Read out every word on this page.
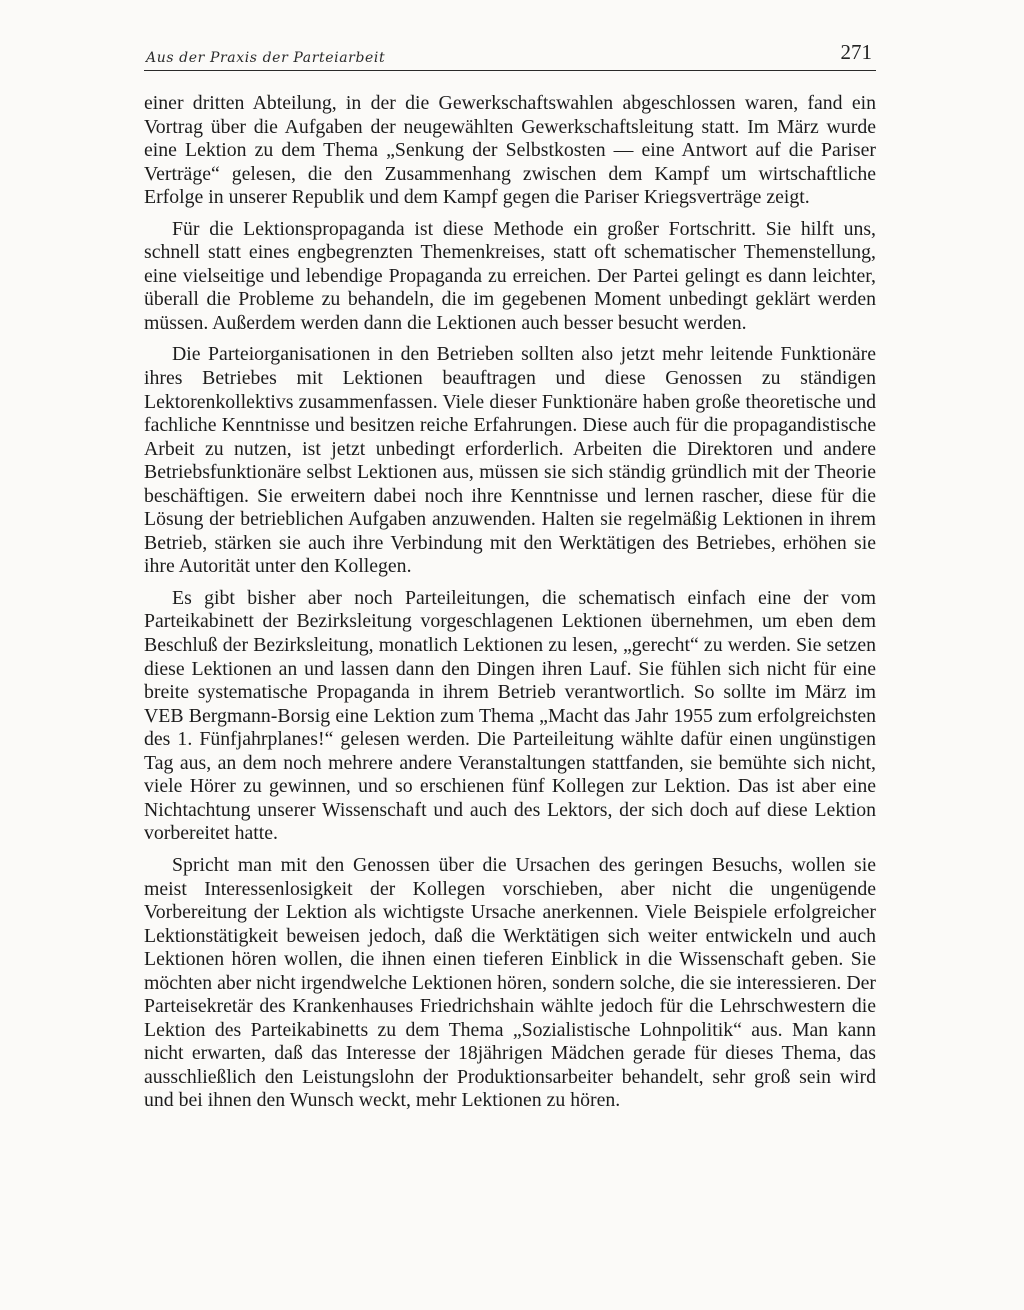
Aus der Praxis der Parteiarbeit	271

einer dritten Abteilung, in der die Gewerkschaftswahlen abgeschlossen waren, fand ein Vortrag über die Aufgaben der neugewählten Gewerkschaftsleitung statt. Im März wurde eine Lektion zu dem Thema „Senkung der Selbstkosten — eine Antwort auf die Pariser Verträge“ gelesen, die den Zusammenhang zwischen dem Kampf um wirtschaftliche Erfolge in unserer Republik und dem Kampf gegen die Pariser Kriegsverträge zeigt.

Für die Lektionspropaganda ist diese Methode ein großer Fortschritt. Sie hilft uns, schnell statt eines engbegrenzten Themenkreises, statt oft schematischer Themenstellung, eine vielseitige und lebendige Propaganda zu erreichen. Der Partei gelingt es dann leichter, überall die Probleme zu behandeln, die im gegebenen Moment unbedingt geklärt werden müssen. Außerdem werden dann die Lektionen auch besser besucht werden.

Die Parteiorganisationen in den Betrieben sollten also jetzt mehr leitende Funktionäre ihres Betriebes mit Lektionen beauftragen und diese Genossen zu ständigen Lektorenkollektivs zusammenfassen. Viele dieser Funktionäre haben große theoretische und fachliche Kenntnisse und besitzen reiche Erfahrungen. Diese auch für die propagandistische Arbeit zu nutzen, ist jetzt unbedingt erforderlich. Arbeiten die Direktoren und andere Betriebsfunktionäre selbst Lektionen aus, müssen sie sich ständig gründlich mit der Theorie beschäftigen. Sie erweitern dabei noch ihre Kenntnisse und lernen rascher, diese für die Lösung der betrieblichen Aufgaben anzuwenden. Halten sie regelmäßig Lektionen in ihrem Betrieb, stärken sie auch ihre Verbindung mit den Werktätigen des Betriebes, erhöhen sie ihre Autorität unter den Kollegen.

Es gibt bisher aber noch Parteileitungen, die schematisch einfach eine der vom Parteikabinett der Bezirksleitung vorgeschlagenen Lektionen übernehmen, um eben dem Beschluß der Bezirksleitung, monatlich Lektionen zu lesen, „gerecht“ zu werden. Sie setzen diese Lektionen an und lassen dann den Dingen ihren Lauf. Sie fühlen sich nicht für eine breite systematische Propaganda in ihrem Betrieb verantwortlich. So sollte im März im VEB Bergmann-Borsig eine Lektion zum Thema „Macht das Jahr 1955 zum erfolgreichsten des 1. Fünfjahrplanes!“ gelesen werden. Die Parteileitung wählte dafür einen ungünstigen Tag aus, an dem noch mehrere andere Veranstaltungen stattfanden, sie bemühte sich nicht, viele Hörer zu gewinnen, und so erschienen fünf Kollegen zur Lektion. Das ist aber eine Nichtachtung unserer Wissenschaft und auch des Lektors, der sich doch auf diese Lektion vorbereitet hatte.

Spricht man mit den Genossen über die Ursachen des geringen Besuchs, wollen sie meist Interessenlosigkeit der Kollegen vorschieben, aber nicht die ungenügende Vorbereitung der Lektion als wichtigste Ursache anerkennen. Viele Beispiele erfolgreicher Lektionstätigkeit beweisen jedoch, daß die Werktätigen sich weiter entwickeln und auch Lektionen hören wollen, die ihnen einen tieferen Einblick in die Wissenschaft geben. Sie möchten aber nicht irgendwelche Lektionen hören, sondern solche, die sie interessieren. Der Parteisekretär des Krankenhauses Friedrichshain wählte jedoch für die Lehrschwestern die Lektion des Parteikabinetts zu dem Thema „Sozialistische Lohnpolitik“ aus. Man kann nicht erwarten, daß das Interesse der 18jährigen Mädchen gerade für dieses Thema, das ausschließlich den Leistungslohn der Produktionsarbeiter behandelt, sehr groß sein wird und bei ihnen den Wunsch weckt, mehr Lektionen zu hören.
